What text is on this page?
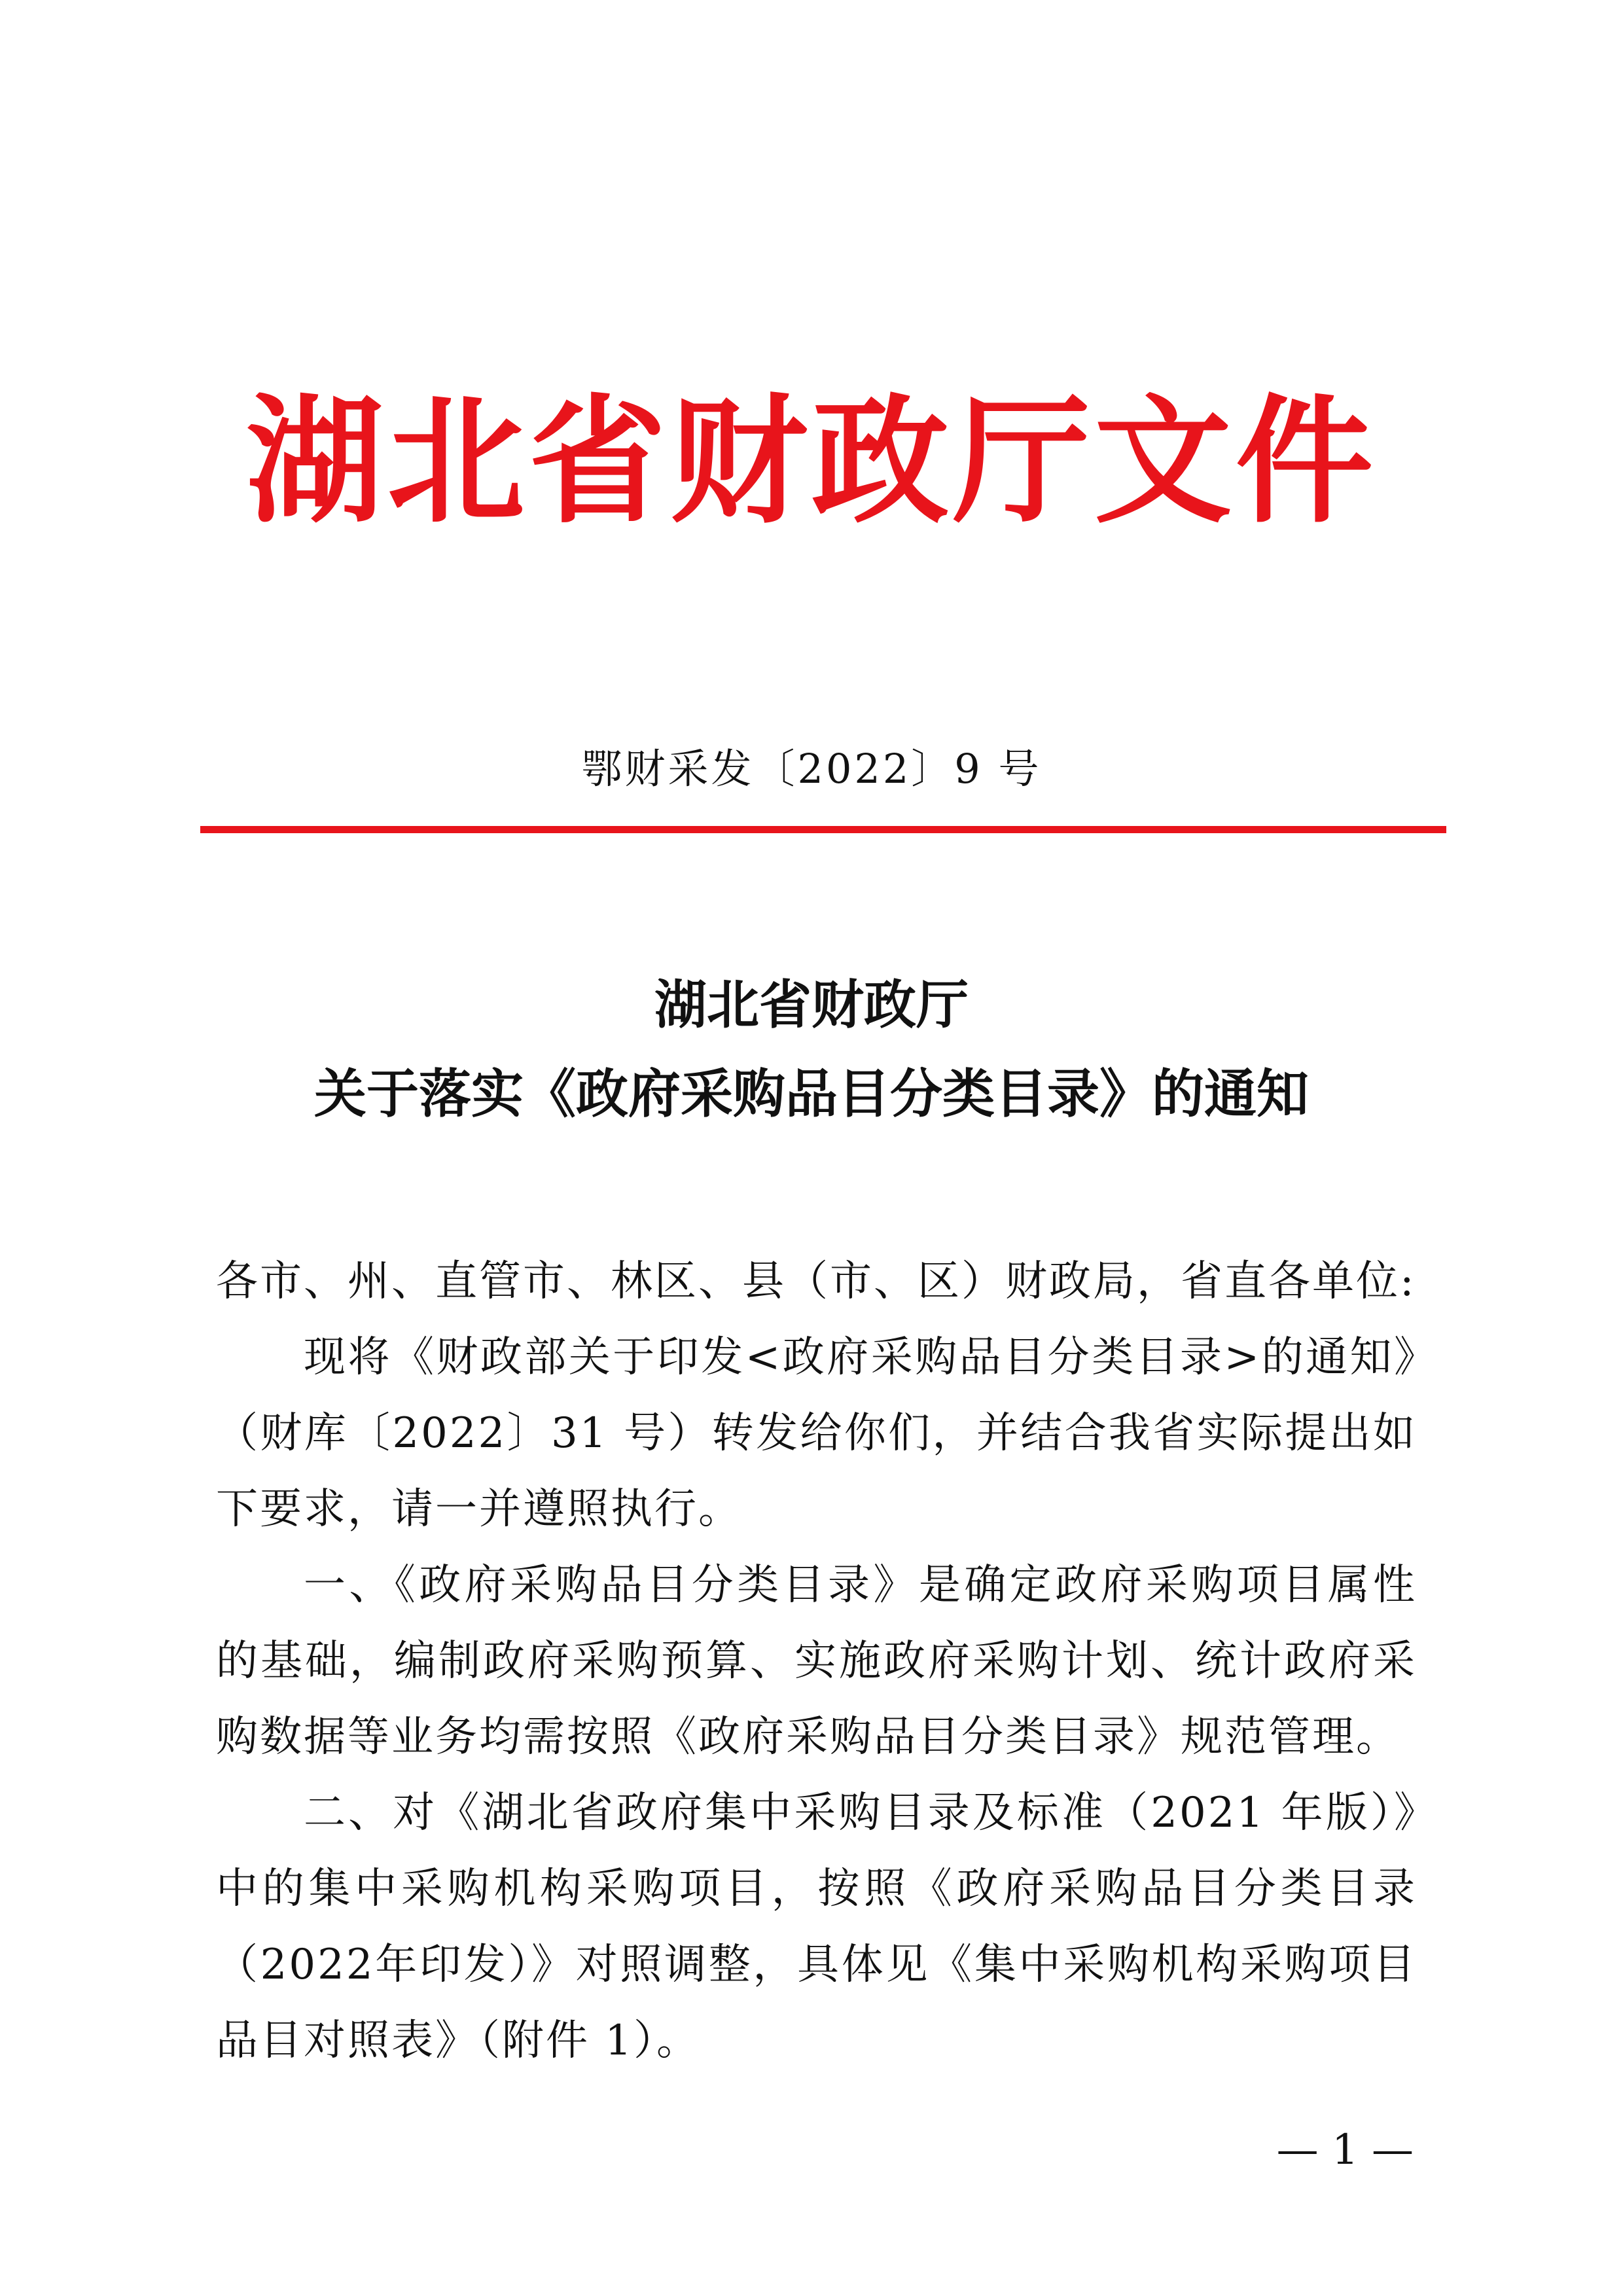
湖北省财政厅文件
鄂财采发〔2022〕9 号
湖北省财政厅
关于落实《政府采购品目分类目录》的通知

各市、州、直管市、林区、县（市、区）财政局，省直各单位:

现将《财政部关于印发<政府采购品目分类目录>的通知》（财库〔2022〕31 号）转发给你们，并结合我省实际提出如下要求，请一并遵照执行。

一、《政府采购品目分类目录》是确定政府采购项目属性的基础，编制政府采购预算、实施政府采购计划、统计政府采购数据等业务均需按照《政府采购品目分类目录》规范管理。

二、对《湖北省政府集中采购目录及标准（2021 年版）》中的集中采购机构采购项目，按照《政府采购品目分类目录（2022年印发）》对照调整，具体见《集中采购机构采购项目品目对照表》（附件 1）。

— 1 —
